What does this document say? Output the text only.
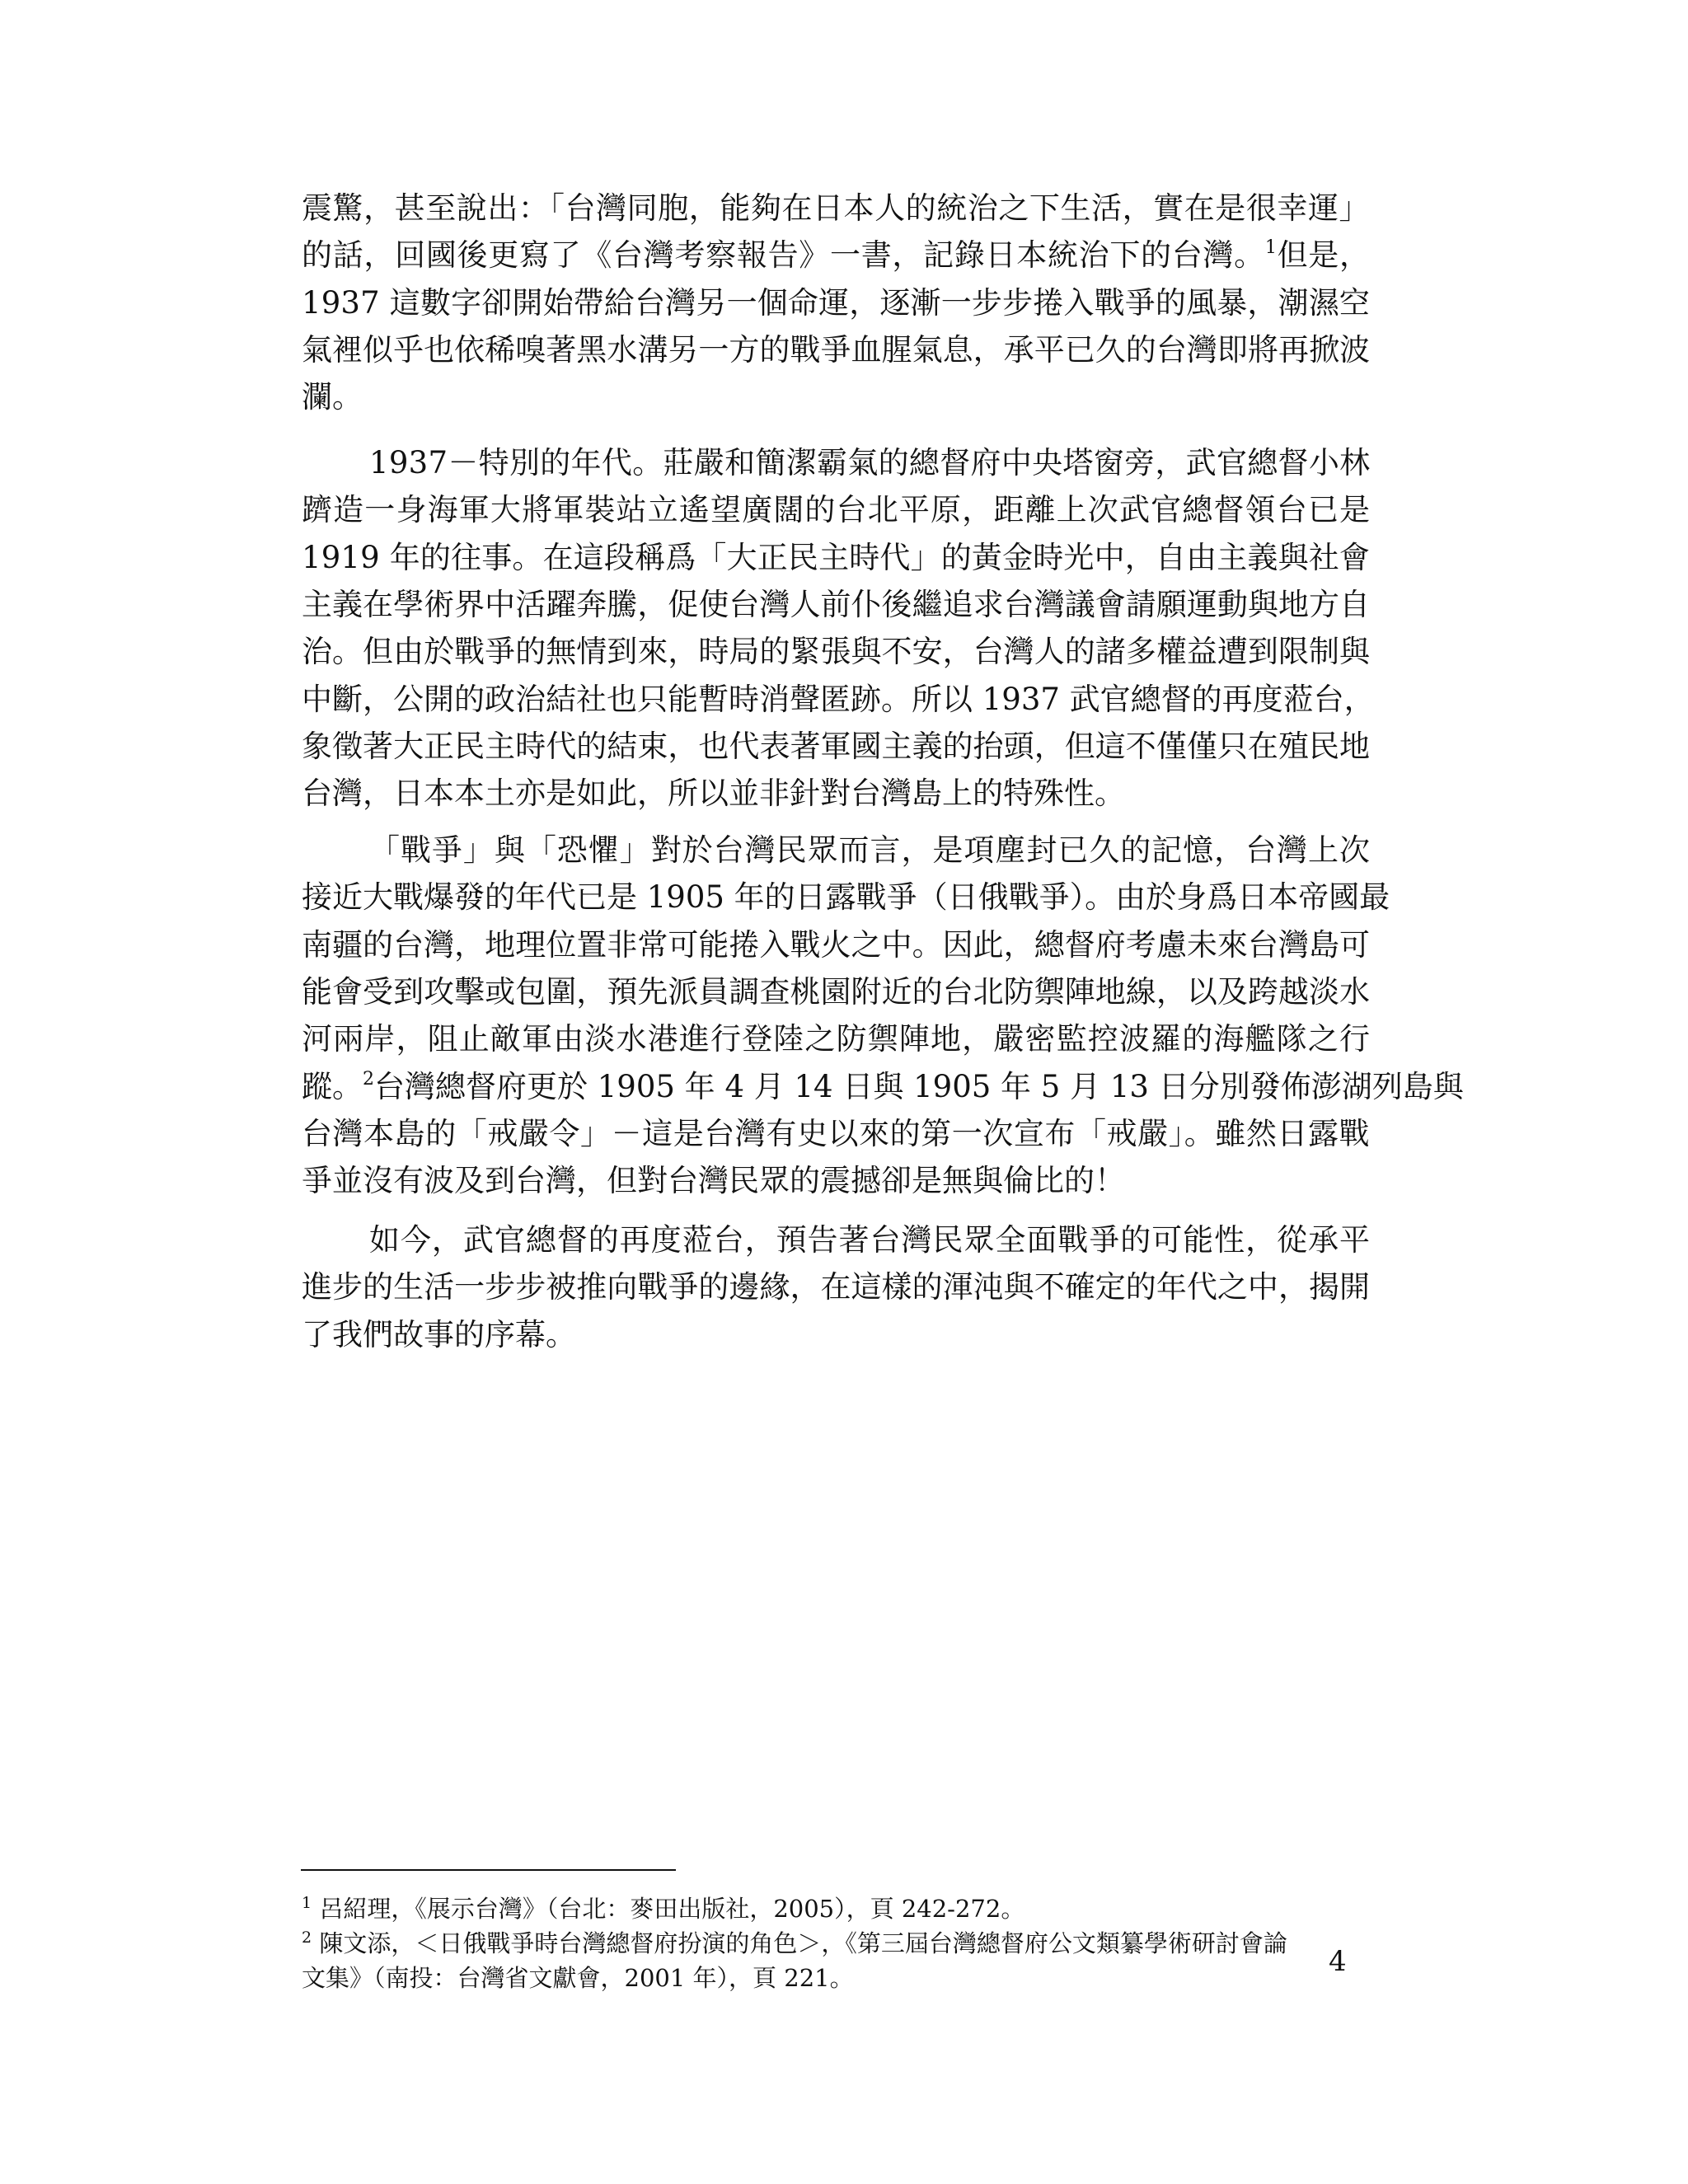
震驚，甚至說出：「台灣同胞，能夠在日本人的統治之下生活，實在是很幸運」
的話，回國後更寫了《台灣考察報告》一書，記錄日本統治下的台灣。$^1$但是，
1937 這數字卻開始帶給台灣另一個命運，逐漸一步步捲入戰爭的風暴，潮濕空
氣裡似乎也依稀嗅著黑水溝另一方的戰爭血腥氣息，承平已久的台灣即將再掀波
瀾。
1937－特別的年代。莊嚴和簡潔霸氣的總督府中央塔窗旁，武官總督小林
躋造一身海軍大將軍裝站立遙望廣闊的台北平原，距離上次武官總督領台已是
1919 年的往事。在這段稱爲「大正民主時代」的黃金時光中，自由主義與社會
主義在學術界中活躍奔騰，促使台灣人前仆後繼追求台灣議會請願運動與地方自
治。但由於戰爭的無情到來，時局的緊張與不安，台灣人的諸多權益遭到限制與
中斷，公開的政治結社也只能暫時消聲匿跡。所以 1937 武官總督的再度蒞台，
象徵著大正民主時代的結束，也代表著軍國主義的抬頭，但這不僅僅只在殖民地
台灣，日本本土亦是如此，所以並非針對台灣島上的特殊性。
「戰爭」與「恐懼」對於台灣民眾而言，是項塵封已久的記憶，台灣上次
接近大戰爆發的年代已是 1905 年的日露戰爭（日俄戰爭）。由於身爲日本帝國最
南疆的台灣，地理位置非常可能捲入戰火之中。因此，總督府考慮未來台灣島可
能會受到攻擊或包圍，預先派員調查桃園附近的台北防禦陣地線，以及跨越淡水
河兩岸，阻止敵軍由淡水港進行登陸之防禦陣地，嚴密監控波羅的海艦隊之行
蹤。$^2$台灣總督府更於 1905 年 4 月 14 日與 1905 年 5 月 13 日分別發佈澎湖列島與
台灣本島的「戒嚴令」－這是台灣有史以來的第一次宣布「戒嚴」。雖然日露戰
爭並沒有波及到台灣，但對台灣民眾的震撼卻是無與倫比的！
如今，武官總督的再度蒞台，預告著台灣民眾全面戰爭的可能性，從承平
進步的生活一步步被推向戰爭的邊緣，在這樣的渾沌與不確定的年代之中，揭開
了我們故事的序幕。
$^1$ 呂紹理，《展示台灣》（台北：麥田出版社，2005），頁 242-272。
$^2$ 陳文添，＜日俄戰爭時台灣總督府扮演的角色＞，《第三屆台灣總督府公文類纂學術研討會論
文集》（南投：台灣省文獻會，2001 年），頁 221。	4
